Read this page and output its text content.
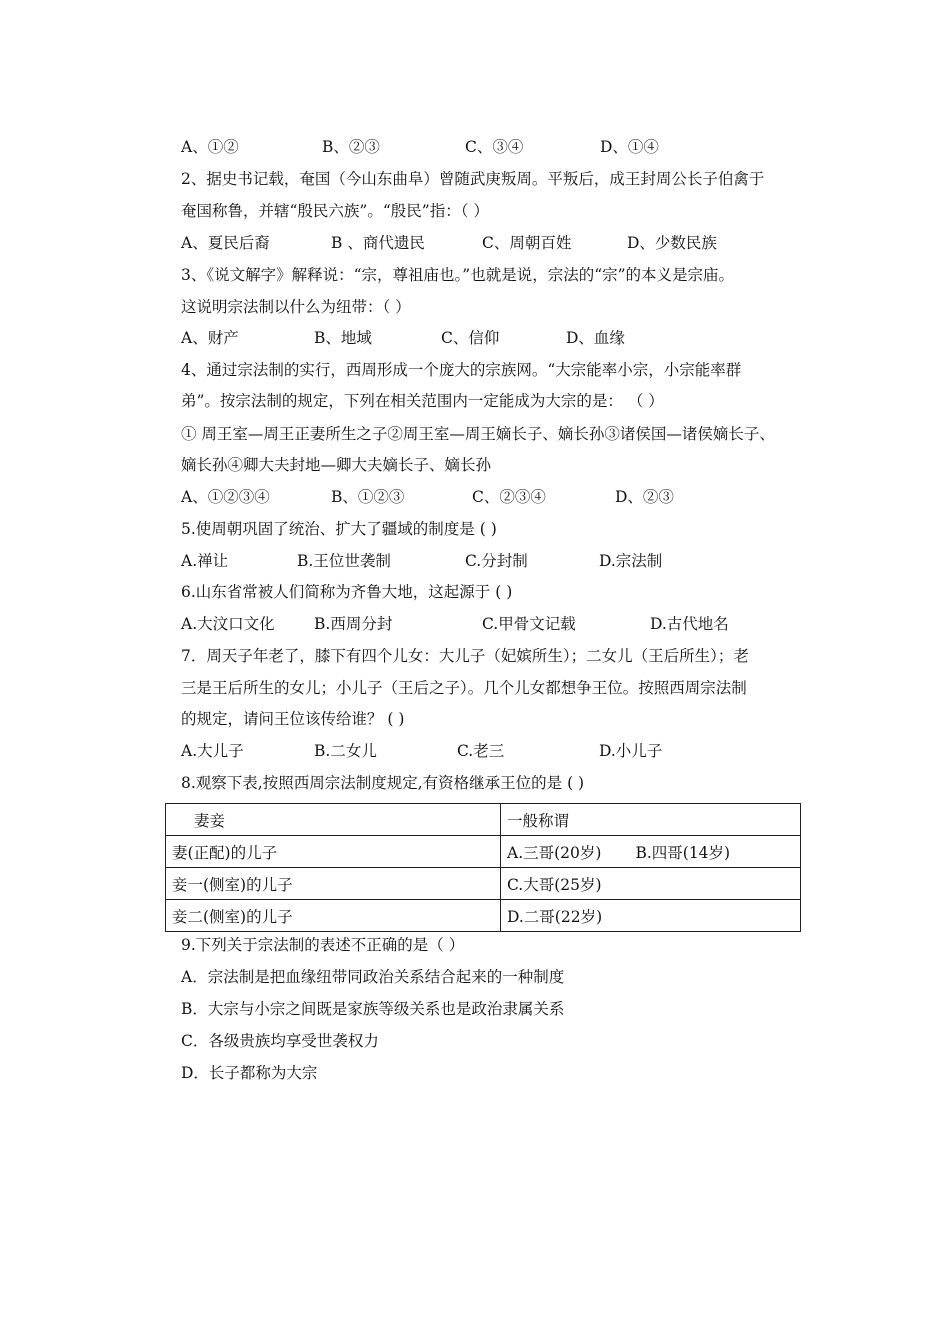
A、①②	B、②③	C、③④	D、①④
2、据史书记载，奄国（今山东曲阜）曾随武庚叛周。平叛后，成王封周公长子伯禽于
奄国称鲁，并辖“殷民六族”。“殷民”指：（ ）
A、夏民后裔	B 、商代遗民	C、周朝百姓	D、少数民族
3、《说文解字》解释说：“宗，尊祖庙也。”也就是说，宗法的“宗”的本义是宗庙。
这说明宗法制以什么为纽带：（ ）
A、财产	B、地域	C、信仰	D、血缘
4、通过宗法制的实行，西周形成一个庞大的宗族网。“大宗能率小宗，小宗能率群
弟”。按宗法制的规定，下列在相关范围内一定能成为大宗的是： （ ）
① 周王室—周王正妻所生之子②周王室—周王嫡长子、嫡长孙③诸侯国—诸侯嫡长子、
嫡长孙④卿大夫封地—卿大夫嫡长子、嫡长孙
A、①②③④	B、①②③	C、②③④	D、②③
5.使周朝巩固了统治、扩大了疆域的制度是 ( )
A.禅让	B.王位世袭制	C.分封制	D.宗法制
6.山东省常被人们简称为齐鲁大地，这起源于 ( )
A.大汶口文化	B.西周分封	C.甲骨文记载	D.古代地名
7．周天子年老了，膝下有四个儿女：大儿子（妃嫔所生）；二女儿（王后所生）；老
三是王后所生的女儿；小儿子（王后之子）。几个儿女都想争王位。按照西周宗法制
的规定，请问王位该传给谁？ ( )
A.大儿子	B.二女儿	C.老三	D.小儿子
8.观察下表,按照西周宗法制度规定,有资格继承王位的是 ( )
妻妾	一般称谓
妻(正配)的儿子	A.三哥(20岁) B.四哥(14岁)
妾一(侧室)的儿子	C.大哥(25岁)
妾二(侧室)的儿子	D.二哥(22岁)
9.下列关于宗法制的表述不正确的是（ ）
A．宗法制是把血缘纽带同政治关系结合起来的一种制度
B．大宗与小宗之间既是家族等级关系也是政治隶属关系
C．各级贵族均享受世袭权力
D．长子都称为大宗
